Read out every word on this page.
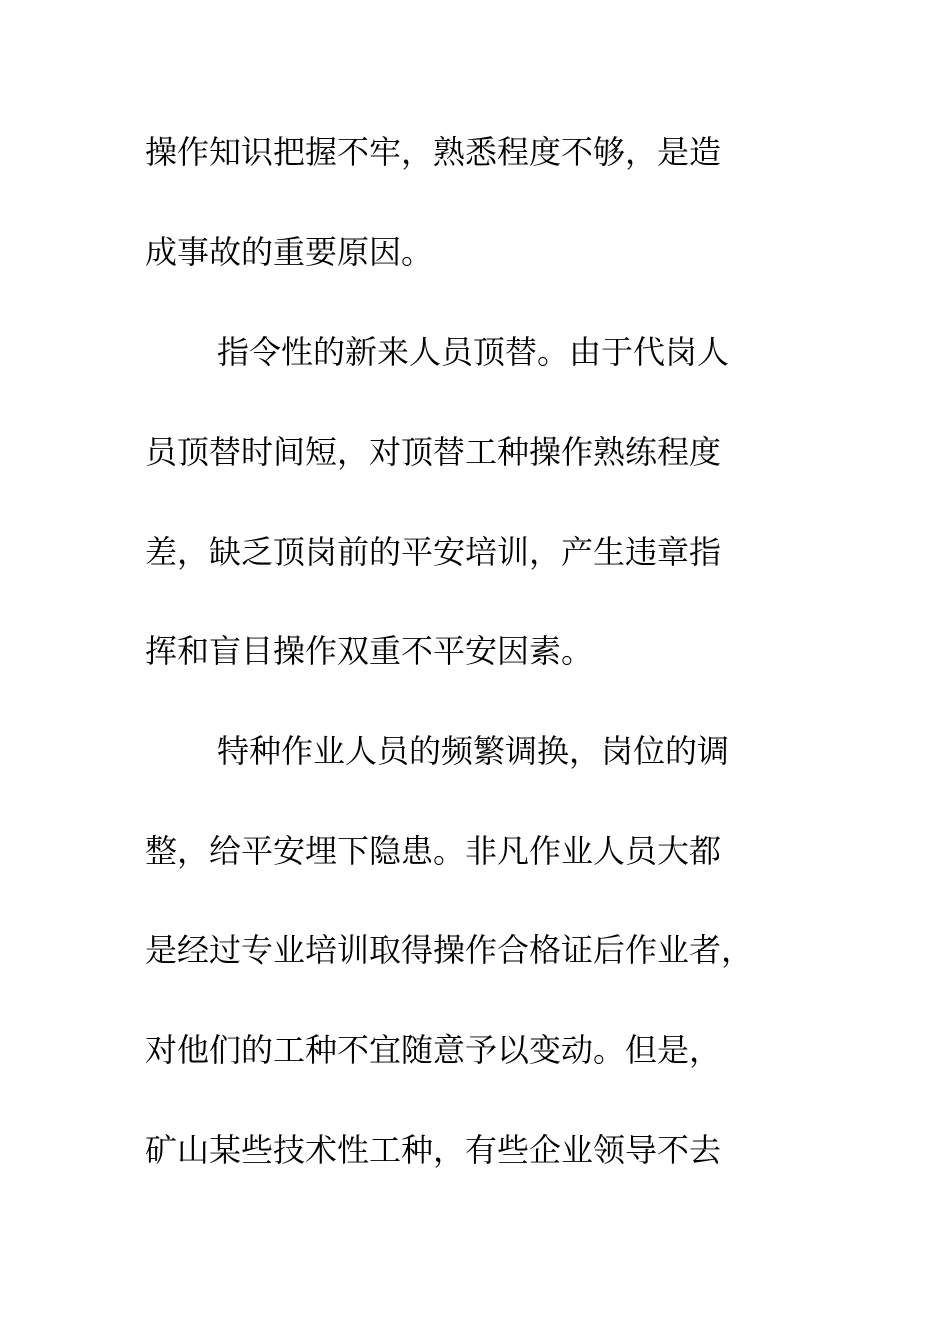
操作知识把握不牢，熟悉程度不够，是造
成事故的重要原因。
指令性的新来人员顶替。由于代岗人
员顶替时间短，对顶替工种操作熟练程度
差，缺乏顶岗前的平安培训，产生违章指
挥和盲目操作双重不平安因素。
特种作业人员的频繁调换，岗位的调
整，给平安埋下隐患。非凡作业人员大都
是经过专业培训取得操作合格证后作业者，
对他们的工种不宜随意予以变动。但是，
矿山某些技术性工种，有些企业领导不去
